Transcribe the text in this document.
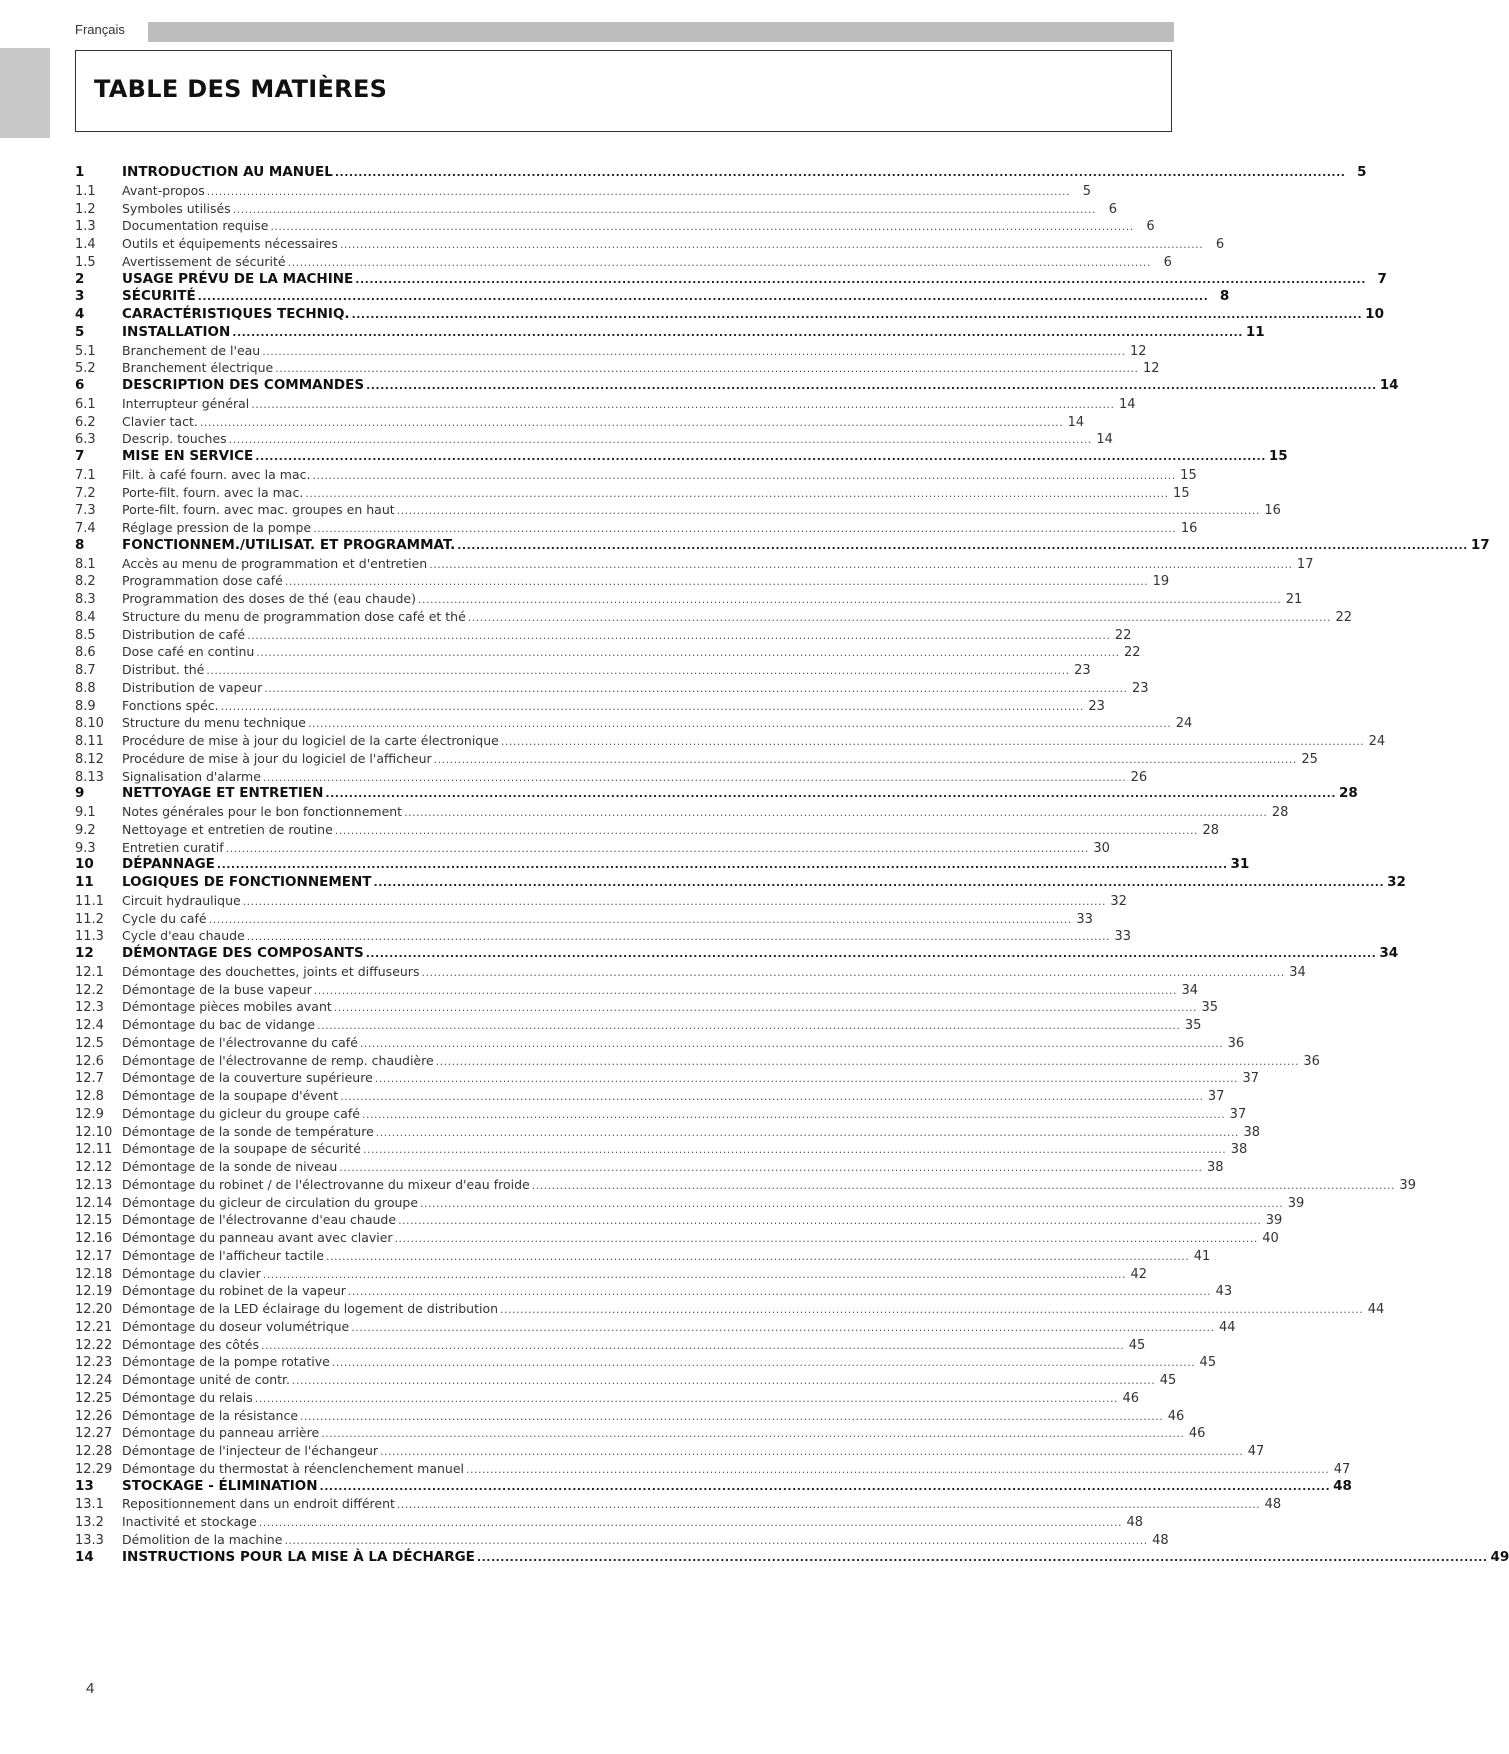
Français
TABLE DES MATIÈRES
1	INTRODUCTION AU MANUEL .....	5
1.1	Avant-propos .....	5
1.2	Symboles utilisés .....	6
1.3	Documentation requise .....	6
1.4	Outils et équipements nécessaires .....	6
1.5	Avertissement de sécurité .....	6
2	USAGE PRÉVU DE LA MACHINE .....	7
3	SÉCURITÉ .....	8
4	CARACTÉRISTIQUES TECHNIQ. .....	10
5	INSTALLATION .....	11
5.1	Branchement de l'eau .....	12
5.2	Branchement électrique .....	12
6	DESCRIPTION DES COMMANDES .....	14
6.1	Interrupteur général .....	14
6.2	Clavier tact. .....	14
6.3	Descrip. touches .....	14
7	MISE EN SERVICE .....	15
7.1	Filt. à café fourn. avec la mac. .....	15
7.2	Porte-filt. fourn. avec la mac. .....	15
7.3	Porte-filt. fourn. avec mac. groupes en haut .....	16
7.4	Réglage pression de la pompe .....	16
8	FONCTIONNEM./UTILISAT. ET PROGRAMMAT. .....	17
8.1	Accès au menu de programmation et d'entretien .....	17
8.2	Programmation dose café .....	19
8.3	Programmation des doses de thé (eau chaude) .....	21
8.4	Structure du menu de programmation dose café et thé .....	22
8.5	Distribution de café .....	22
8.6	Dose café en continu .....	22
8.7	Distribut. thé .....	23
8.8	Distribution de vapeur .....	23
8.9	Fonctions spéc. .....	23
8.10	Structure du menu technique .....	24
8.11	Procédure de mise à jour du logiciel de la carte électronique .....	24
8.12	Procédure de mise à jour du logiciel de l'afficheur .....	25
8.13	Signalisation d'alarme .....	26
9	NETTOYAGE ET ENTRETIEN .....	28
9.1	Notes générales pour le bon fonctionnement .....	28
9.2	Nettoyage et entretien de routine .....	28
9.3	Entretien curatif .....	30
10	DÉPANNAGE .....	31
11	LOGIQUES DE FONCTIONNEMENT .....	32
11.1	Circuit hydraulique .....	32
11.2	Cycle du café .....	33
11.3	Cycle d'eau chaude .....	33
12	DÉMONTAGE DES COMPOSANTS .....	34
12.1	Démontage des douchettes, joints et diffuseurs .....	34
12.2	Démontage de la buse vapeur .....	34
12.3	Démontage pièces mobiles avant .....	35
12.4	Démontage du bac de vidange .....	35
12.5	Démontage de l'électrovanne du café .....	36
12.6	Démontage de l'électrovanne de remp. chaudière .....	36
12.7	Démontage de la couverture supérieure .....	37
12.8	Démontage de la soupape d'évent .....	37
12.9	Démontage du gicleur du groupe café .....	37
12.10 Démontage de la sonde de température .....	38
12.11 Démontage de la soupape de sécurité .....	38
12.12 Démontage de la sonde de niveau .....	38
12.13 Démontage du robinet / de l'électrovanne du mixeur d'eau froide .....	39
12.14 Démontage du gicleur de circulation du groupe .....	39
12.15 Démontage de l'électrovanne d'eau chaude .....	39
12.16 Démontage du panneau avant avec clavier .....	40
12.17 Démontage de l'afficheur tactile .....	41
12.18 Démontage du clavier .....	42
12.19 Démontage du robinet de la vapeur .....	43
12.20 Démontage de la LED éclairage du logement de distribution .....	44
12.21 Démontage du doseur volumétrique .....	44
12.22 Démontage des côtés .....	45
12.23 Démontage de la pompe rotative .....	45
12.24 Démontage unité de contr. .....	45
12.25 Démontage du relais .....	46
12.26 Démontage de la résistance .....	46
12.27 Démontage du panneau arrière .....	46
12.28 Démontage de l'injecteur de l'échangeur .....	47
12.29 Démontage du thermostat à réenclenchement manuel .....	47
13	STOCKAGE - ÉLIMINATION .....	48
13.1	Repositionnement dans un endroit différent .....	48
13.2	Inactivité et stockage .....	48
13.3	Démolition de la machine .....	48
14	INSTRUCTIONS POUR LA MISE À LA DÉCHARGE .....	49
4
